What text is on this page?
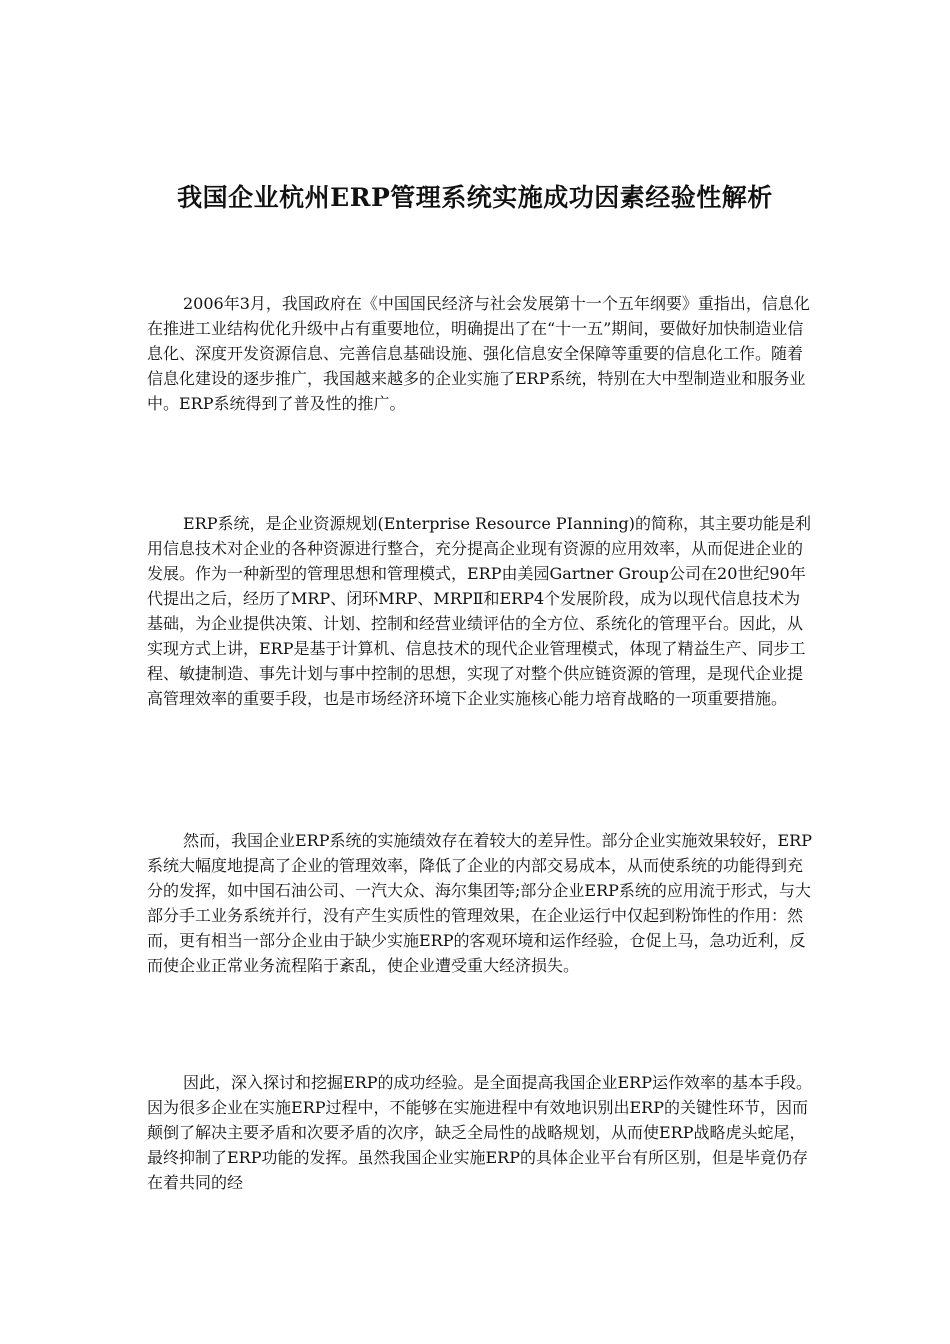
我国企业杭州ERP管理系统实施成功因素经验性解析

2006年3月，我国政府在《中国国民经济与社会发展第十一个五年纲要》重指出，信息化在推进工业结构优化升级中占有重要地位，明确提出了在“十一五”期间，要做好加快制造业信息化、深度开发资源信息、完善信息基础设施、强化信息安全保障等重要的信息化工作。随着信息化建设的逐步推广，我国越来越多的企业实施了ERP系统，特别在大中型制造业和服务业中。ERP系统得到了普及性的推广。

ERP系统，是企业资源规划(Enterprise Resource PIanning)的简称，其主要功能是利用信息技术对企业的各种资源进行整合，充分提高企业现有资源的应用效率，从而促进企业的发展。作为一种新型的管理思想和管理模式，ERP由美园Gartner Group公司在20世纪90年代提出之后，经历了MRP、闭环MRP、MRPⅡ和ERP4个发展阶段，成为以现代信息技术为基础，为企业提供决策、计划、控制和经营业绩评估的全方位、系统化的管理平台。因此，从实现方式上讲，ERP是基于计算机、信息技术的现代企业管理模式，体现了精益生产、同步工程、敏捷制造、事先计划与事中控制的思想，实现了对整个供应链资源的管理，是现代企业提高管理效率的重要手段，也是市场经济环境下企业实施核心能力培育战略的一项重要措施。

然而，我国企业ERP系统的实施绩效存在着较大的差异性。部分企业实施效果较好，ERP系统大幅度地提高了企业的管理效率，降低了企业的内部交易成本，从而使系统的功能得到充分的发挥，如中国石油公司、一汽大众、海尔集团等;部分企业ERP系统的应用流于形式，与大部分手工业务系统并行，没有产生实质性的管理效果，在企业运行中仅起到粉饰性的作用：然而，更有相当一部分企业由于缺少实施ERP的客观环境和运作经验，仓促上马，急功近利，反而使企业正常业务流程陷于紊乱，使企业遭受重大经济损失。

因此，深入探讨和挖掘ERP的成功经验。是全面提高我国企业ERP运作效率的基本手段。因为很多企业在实施ERP过程中，不能够在实施进程中有效地识别出ERP的关键性环节，因而颠倒了解决主要矛盾和次要矛盾的次序，缺乏全局性的战略规划，从而使ERP战略虎头蛇尾，最终抑制了ERP功能的发挥。虽然我国企业实施ERP的具体企业平台有所区别，但是毕竟仍存在着共同的经
